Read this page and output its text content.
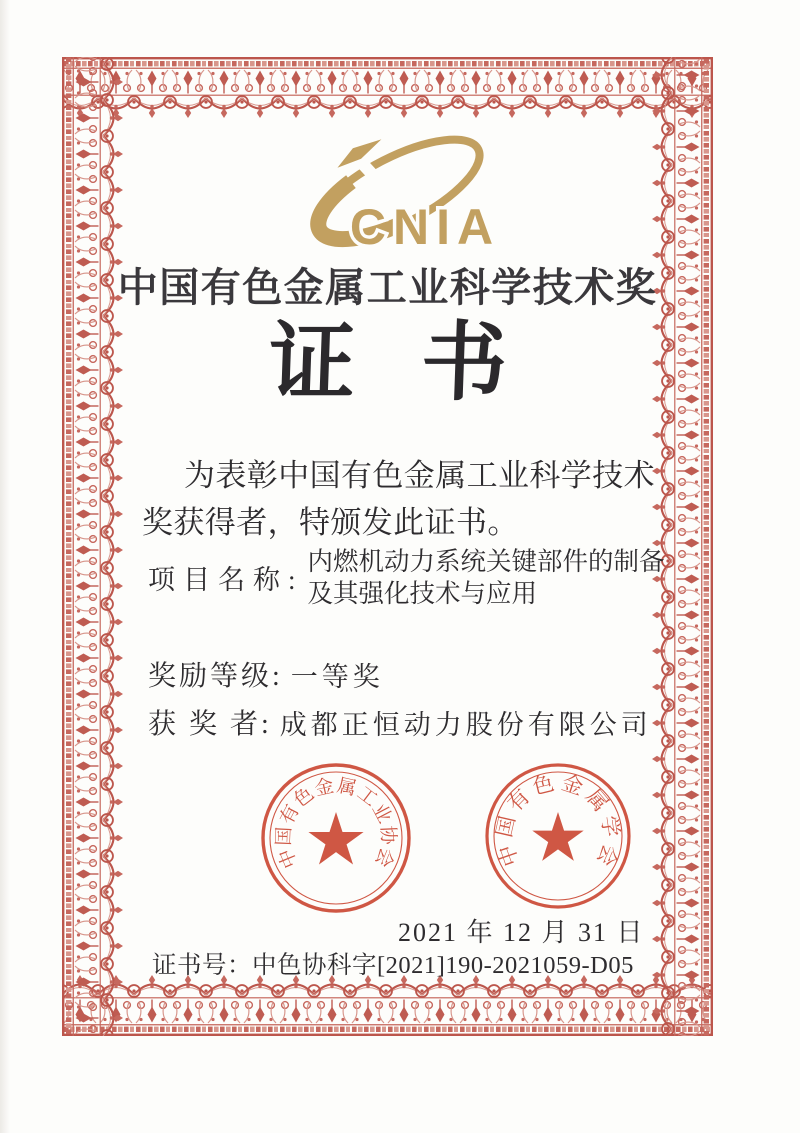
CNIA
中国有色金属工业科学技术奖
证 书
为表彰中国有色金属工业科学技术奖获得者，特颁发此证书。
项目名称:
内燃机动力系统关键部件的制备及其强化技术与应用
奖励等级: 一等奖
获 奖 者: 成都正恒动力股份有限公司
中国有色金属工业协会	中国有色金属学会
2021 年 12 月 31 日
证书号：中色协科字[2021]190-2021059-D05
